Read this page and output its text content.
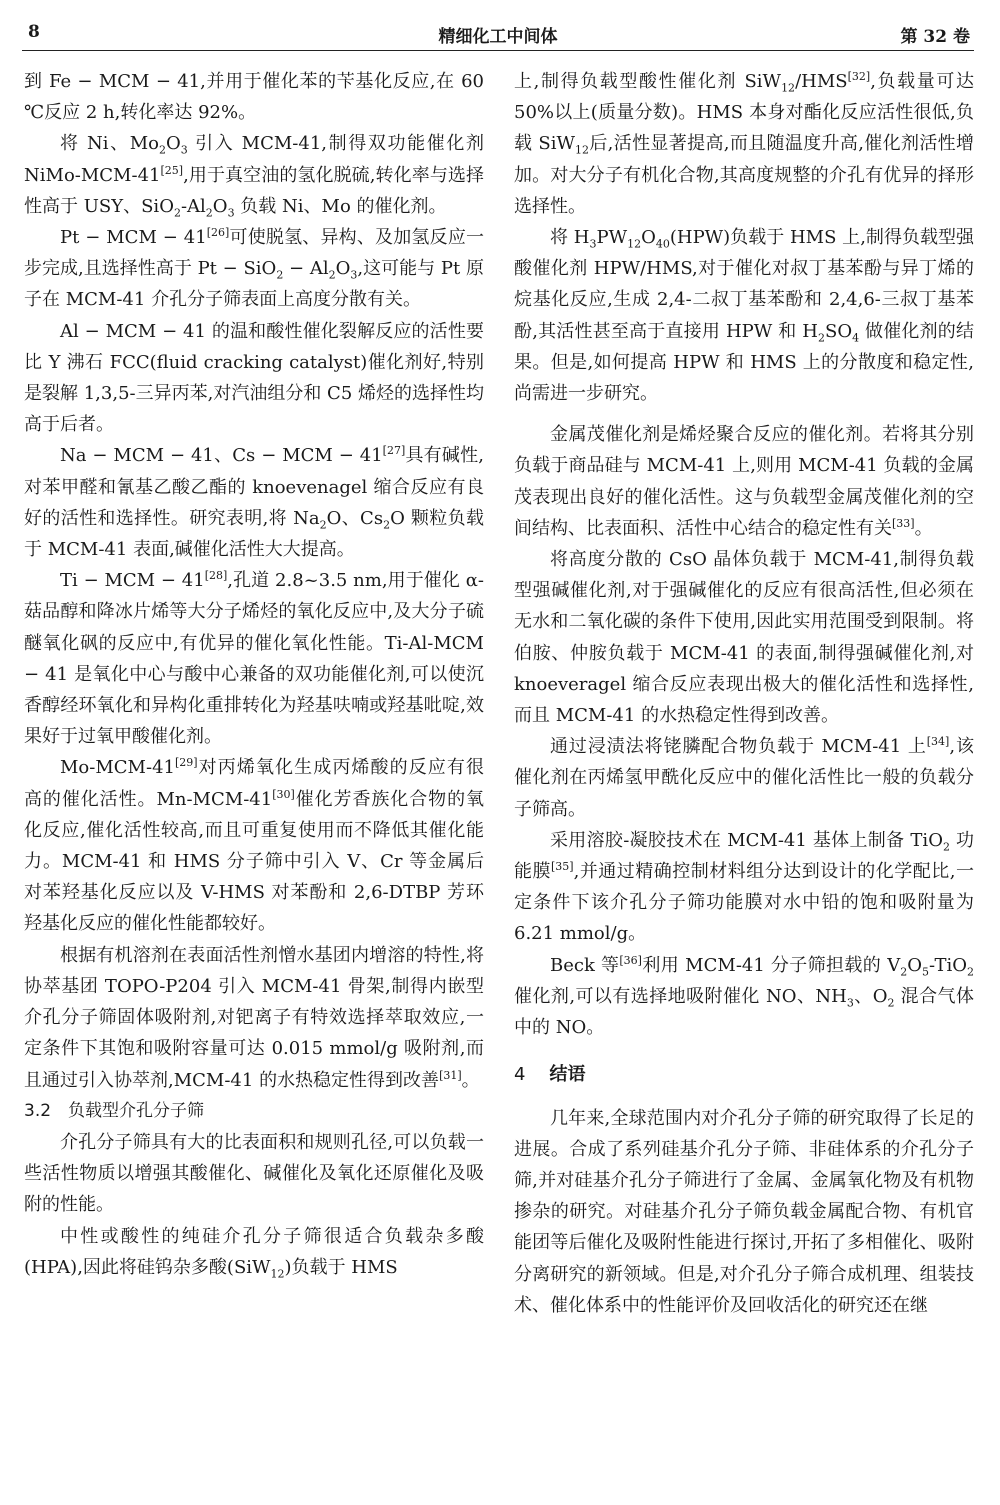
8	精细化工中间体	第 32 卷

到 Fe − MCM − 41,并用于催化苯的苄基化反应,在 60 ℃反应 2 h,转化率达 92%。

将 Ni、$Mo_2O_3$ 引入 MCM-41,制得双功能催化剂 NiMo-MCM-41[25],用于真空油的氢化脱硫,转化率与选择性高于 USY、$SiO_2-Al_2O_3$ 负载 Ni、Mo 的催化剂。

Pt − MCM − 41[26]可使脱氢、异构、及加氢反应一步完成,且选择性高于 $Pt - SiO_2 - Al_2O_3$,这可能与 Pt 原子在 MCM-41 介孔分子筛表面上高度分散有关。

Al − MCM − 41 的温和酸性催化裂解反应的活性要比 Y 沸石 FCC(fluid cracking catalyst)催化剂好,特别是裂解 1,3,5-三异丙苯,对汽油组分和 C5 烯烃的选择性均高于后者。

Na − MCM − 41、Cs − MCM − 41[27]具有碱性,对苯甲醛和氰基乙酸乙酯的 knoevenagel 缩合反应有良好的活性和选择性。研究表明,将 $Na_2O$、$Cs_2O$ 颗粒负载于 MCM-41 表面,碱催化活性大大提高。

Ti − MCM − 41[28],孔道 2.8~3.5 nm,用于催化 α-菇品醇和降冰片烯等大分子烯烃的氧化反应中,及大分子硫醚氧化砜的反应中,有优异的催化氧化性能。Ti-Al-MCM − 41 是氧化中心与酸中心兼备的双功能催化剂,可以使沉香醇经环氧化和异构化重排转化为羟基呋喃或羟基吡啶,效果好于过氧甲酸催化剂。

Mo-MCM-41[29]对丙烯氧化生成丙烯酸的反应有很高的催化活性。Mn-MCM-41[30]催化芳香族化合物的氧化反应,催化活性较高,而且可重复使用而不降低其催化能力。MCM-41 和 HMS 分子筛中引入 V、Cr 等金属后对苯羟基化反应以及 V-HMS 对苯酚和 2,6-DTBP 芳环羟基化反应的催化性能都较好。

根据有机溶剂在表面活性剂憎水基团内增溶的特性,将协萃基团 TOPO-P204 引入 MCM-41 骨架,制得内嵌型介孔分子筛固体吸附剂,对钯离子有特效选择萃取效应,一定条件下其饱和吸附容量可达 0.015 mmol/g 吸附剂,而且通过引入协萃剂,MCM-41 的水热稳定性得到改善[31]。

3.2　负载型介孔分子筛

介孔分子筛具有大的比表面积和规则孔径,可以负载一些活性物质以增强其酸催化、碱催化及氧化还原催化及吸附的性能。

中性或酸性的纯硅介孔分子筛很适合负载杂多酸(HPA),因此将硅钨杂多酸(SiW$_{12}$)负载于 HMS

上,制得负载型酸性催化剂 SiW$_{12}$/HMS[32],负载量可达 50%以上(质量分数)。HMS 本身对酯化反应活性很低,负载 SiW$_{12}$后,活性显著提高,而且随温度升高,催化剂活性增加。对大分子有机化合物,其高度规整的介孔有优异的择形选择性。

将 $H_3PW_{12}O_{40}(HPW)$负载于 HMS 上,制得负载型强酸催化剂 HPW/HMS,对于催化对叔丁基苯酚与异丁烯的烷基化反应,生成 2,4-二叔丁基苯酚和 2,4,6-三叔丁基苯酚,其活性甚至高于直接用 HPW 和 $H_2SO_4$ 做催化剂的结果。但是,如何提高 HPW 和 HMS 上的分散度和稳定性,尚需进一步研究。

金属茂催化剂是烯烃聚合反应的催化剂。若将其分别负载于商品硅与 MCM-41 上,则用 MCM-41 负载的金属茂表现出良好的催化活性。这与负载型金属茂催化剂的空间结构、比表面积、活性中心结合的稳定性有关[33]。

将高度分散的 CsO 晶体负载于 MCM-41,制得负载型强碱催化剂,对于强碱催化的反应有很高活性,但必须在无水和二氧化碳的条件下使用,因此实用范围受到限制。将伯胺、仲胺负载于 MCM-41 的表面,制得强碱催化剂,对 knoeveragel 缩合反应表现出极大的催化活性和选择性,而且 MCM-41 的水热稳定性得到改善。

通过浸渍法将铑膦配合物负载于 MCM-41 上[34],该催化剂在丙烯氢甲酰化反应中的催化活性比一般的负载分子筛高。

采用溶胶-凝胶技术在 MCM-41 基体上制备 TiO$_2$ 功能膜[35],并通过精确控制材料组分达到设计的化学配比,一定条件下该介孔分子筛功能膜对水中铅的饱和吸附量为 6.21 mmol/g。

Beck 等[36]利用 MCM-41 分子筛担载的 $V_2O_5-TiO_2$ 催化剂,可以有选择地吸附催化 NO、$NH_3$、$O_2$ 混合气体中的 NO。

4 结语

几年来,全球范围内对介孔分子筛的研究取得了长足的进展。合成了系列硅基介孔分子筛、非硅体系的介孔分子筛,并对硅基介孔分子筛进行了金属、金属氧化物及有机物掺杂的研究。对硅基介孔分子筛负载金属配合物、有机官能团等后催化及吸附性能进行探讨,开拓了多相催化、吸附分离研究的新领域。但是,对介孔分子筛合成机理、组装技术、催化体系中的性能评价及回收活化的研究还在继
